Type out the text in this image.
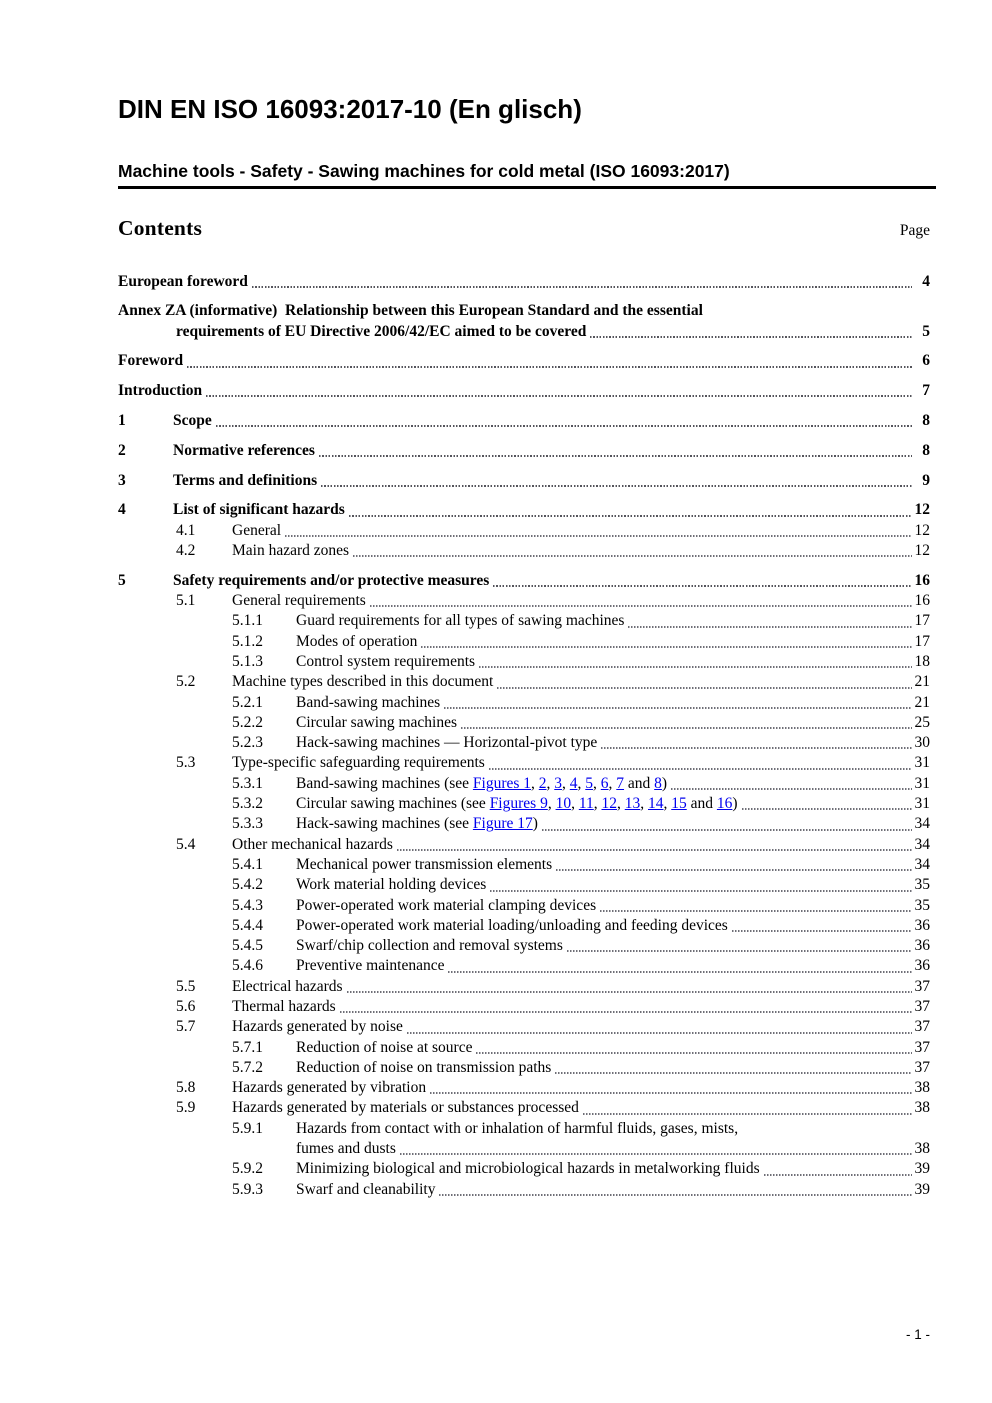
DIN EN ISO 16093:2017-10 (En glisch)
Machine tools - Safety - Sawing machines for cold metal (ISO 16093:2017)
Contents	Page
European foreword	4
Annex ZA (informative)  Relationship between this European Standard and the essential
requirements of EU Directive 2006/42/EC aimed to be covered	5
Foreword	6
Introduction	7
1	Scope	8
2	Normative references	8
3	Terms and definitions	9
4	List of significant hazards	12
4.1	General	12
4.2	Main hazard zones	12
5	Safety requirements and/or protective measures	16
5.1	General requirements	16
5.1.1	Guard requirements for all types of sawing machines	17
5.1.2	Modes of operation	17
5.1.3	Control system requirements	18
5.2	Machine types described in this document	21
5.2.1	Band-sawing machines	21
5.2.2	Circular sawing machines	25
5.2.3	Hack-sawing machines — Horizontal-pivot type	30
5.3	Type-specific safeguarding requirements	31
5.3.1	Band-sawing machines (see Figures 1, 2, 3, 4, 5, 6, 7 and 8)	31
5.3.2	Circular sawing machines (see Figures 9, 10, 11, 12, 13, 14, 15 and 16)	31
5.3.3	Hack-sawing machines (see Figure 17)	34
5.4	Other mechanical hazards	34
5.4.1	Mechanical power transmission elements	34
5.4.2	Work material holding devices	35
5.4.3	Power-operated work material clamping devices	35
5.4.4	Power-operated work material loading/unloading and feeding devices	36
5.4.5	Swarf/chip collection and removal systems	36
5.4.6	Preventive maintenance	36
5.5	Electrical hazards	37
5.6	Thermal hazards	37
5.7	Hazards generated by noise	37
5.7.1	Reduction of noise at source	37
5.7.2	Reduction of noise on transmission paths	37
5.8	Hazards generated by vibration	38
5.9	Hazards generated by materials or substances processed	38
5.9.1	Hazards from contact with or inhalation of harmful fluids, gases, mists,
fumes and dusts	38
5.9.2	Minimizing biological and microbiological hazards in metalworking fluids	39
5.9.3	Swarf and cleanability	39
- 1 -
